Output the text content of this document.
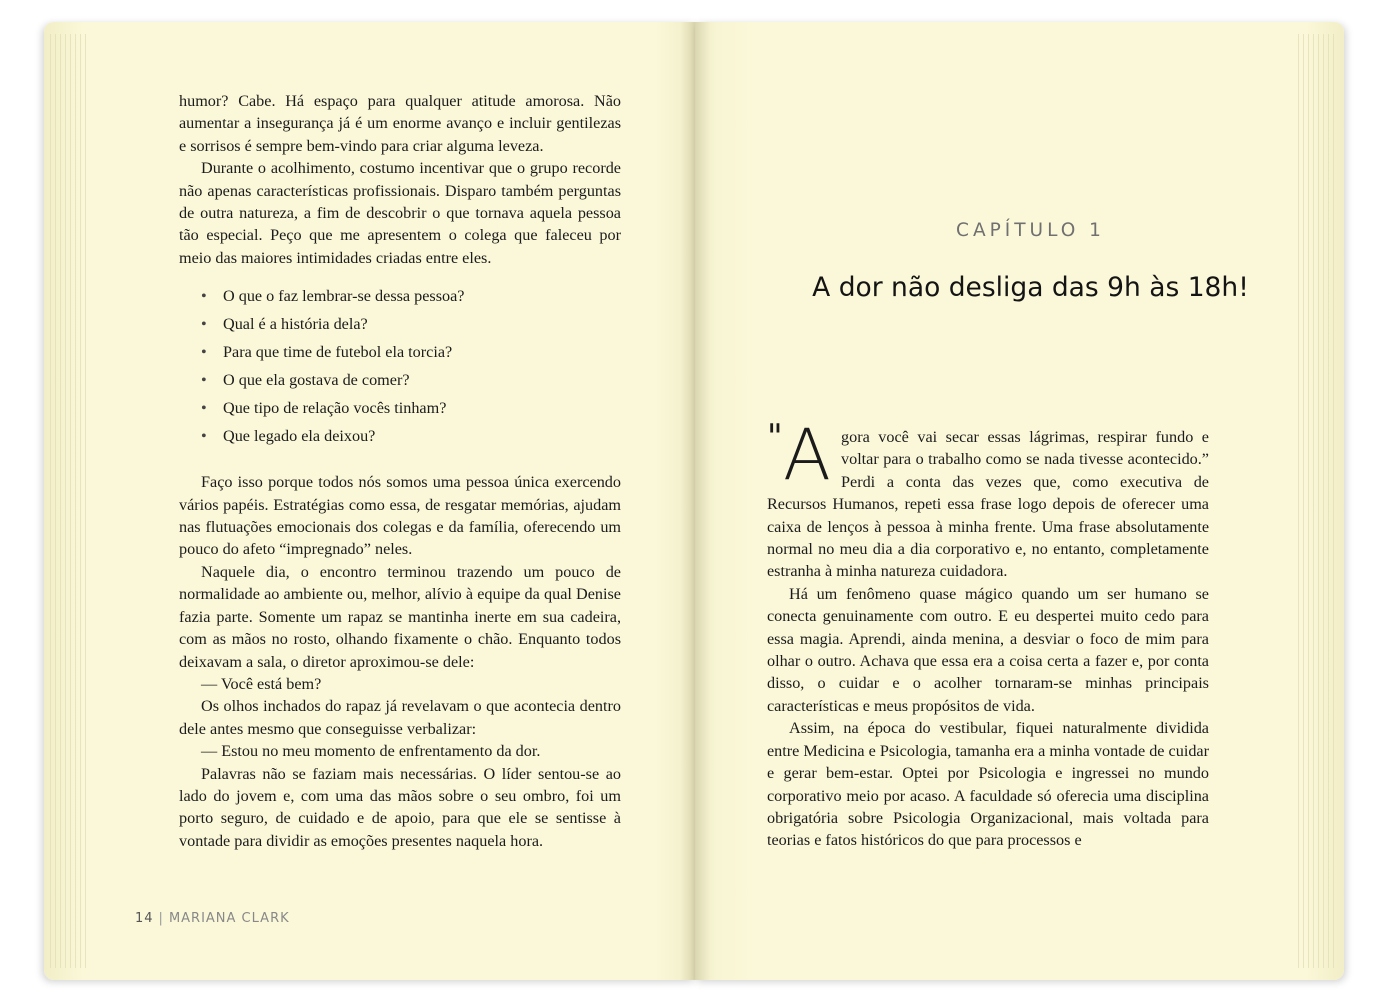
humor? Cabe. Há espaço para qualquer atitude amorosa. Não aumentar a insegurança já é um enorme avanço e incluir gentilezas e sorrisos é sempre bem-vindo para criar alguma leveza.

Durante o acolhimento, costumo incentivar que o grupo recorde não apenas características profissionais. Disparo também perguntas de outra natureza, a fim de descobrir o que tornava aquela pessoa tão especial. Peço que me apresentem o colega que faleceu por meio das maiores intimidades criadas entre eles.

• O que o faz lembrar-se dessa pessoa?
• Qual é a história dela?
• Para que time de futebol ela torcia?
• O que ela gostava de comer?
• Que tipo de relação vocês tinham?
• Que legado ela deixou?

Faço isso porque todos nós somos uma pessoa única exercendo vários papéis. Estratégias como essa, de resgatar memórias, ajudam nas flutuações emocionais dos colegas e da família, oferecendo um pouco do afeto “impregnado” neles.

Naquele dia, o encontro terminou trazendo um pouco de normalidade ao ambiente ou, melhor, alívio à equipe da qual Denise fazia parte. Somente um rapaz se mantinha inerte em sua cadeira, com as mãos no rosto, olhando fixamente o chão. Enquanto todos deixavam a sala, o diretor aproximou-se dele:

— Você está bem?

Os olhos inchados do rapaz já revelavam o que acontecia dentro dele antes mesmo que conseguisse verbalizar:

— Estou no meu momento de enfrentamento da dor.

Palavras não se faziam mais necessárias. O líder sentou-se ao lado do jovem e, com uma das mãos sobre o seu ombro, foi um porto seguro, de cuidado e de apoio, para que ele se sentisse à vontade para dividir as emoções presentes naquela hora.

14 | MARIANA CLARK
CAPÍTULO 1
A dor não desliga das 9h às 18h!

" A gora você vai secar essas lágrimas, respirar fundo e voltar para o trabalho como se nada tivesse acontecido.” Perdi a conta das vezes que, como executiva de Recursos Humanos, repeti essa frase logo depois de oferecer uma caixa de lenços à pessoa à minha frente. Uma frase absolutamente normal no meu dia a dia corporativo e, no entanto, completamente estranha à minha natureza cuidadora.

Há um fenômeno quase mágico quando um ser humano se conecta genuinamente com outro. E eu despertei muito cedo para essa magia. Aprendi, ainda menina, a desviar o foco de mim para olhar o outro. Achava que essa era a coisa certa a fazer e, por conta disso, o cuidar e o acolher tornaram-se minhas principais características e meus propósitos de vida.

Assim, na época do vestibular, fiquei naturalmente dividida entre Medicina e Psicologia, tamanha era a minha vontade de cuidar e gerar bem-estar. Optei por Psicologia e ingressei no mundo corporativo meio por acaso. A faculdade só oferecia uma disciplina obrigatória sobre Psicologia Organizacional, mais voltada para teorias e fatos históricos do que para processos e
